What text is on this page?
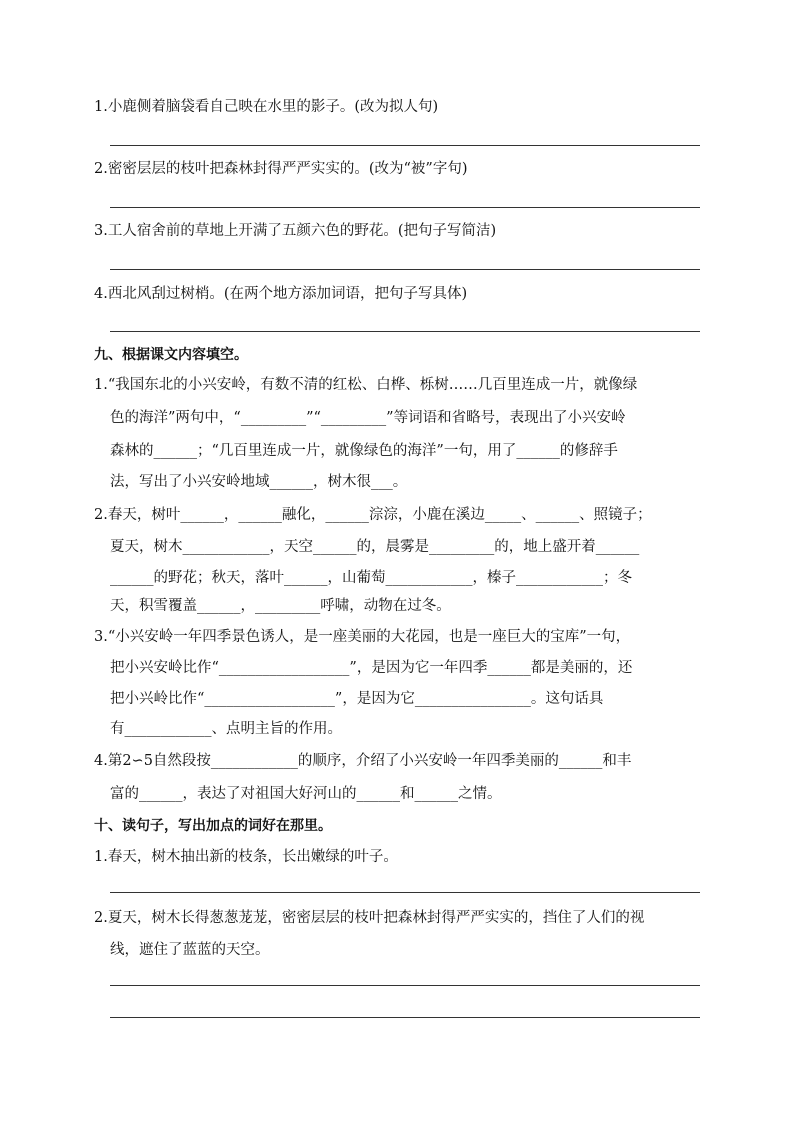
1.小鹿侧着脑袋看自己映在水里的影子。(改为拟人句)
2.密密层层的枝叶把森林封得严严实实的。(改为“被”字句)
3.工人宿舍前的草地上开满了五颜六色的野花。(把句子写简洁)
4.西北风刮过树梢。(在两个地方添加词语，把句子写具体)
九、根据课文内容填空。
1.“我国东北的小兴安岭，有数不清的红松、白桦、栎树……几百里连成一片，就像绿
色的海洋”两句中，“_________”“_________”等词语和省略号，表现出了小兴安岭
森林的______；“几百里连成一片，就像绿色的海洋”一句，用了______的修辞手
法，写出了小兴安岭地域______，树木很___。
2.春天，树叶______，______融化，______淙淙，小鹿在溪边_____、______、照镜子；
夏天，树木____________，天空______的，晨雾是_________的，地上盛开着______
______的野花；秋天，落叶______，山葡萄____________，榛子____________；冬
天，积雪覆盖______，_________呼啸，动物在过冬。
3.“小兴安岭一年四季景色诱人，是一座美丽的大花园，也是一座巨大的宝库”一句，
把小兴安岭比作“__________________”，是因为它一年四季______都是美丽的，还
把小兴岭比作“__________________”，是因为它________________。这句话具
有____________、点明主旨的作用。
4.第2∽5自然段按____________的顺序，介绍了小兴安岭一年四季美丽的______和丰
富的______，表达了对祖国大好河山的______和______之情。
十、读句子，写出加点的词好在那里。
1.春天，树木抽出新的枝条，长出嫩绿的叶子。
2.夏天，树木长得葱葱茏茏，密密层层的枝叶把森林封得严严实实的，挡住了人们的视
线，遮住了蓝蓝的天空。
